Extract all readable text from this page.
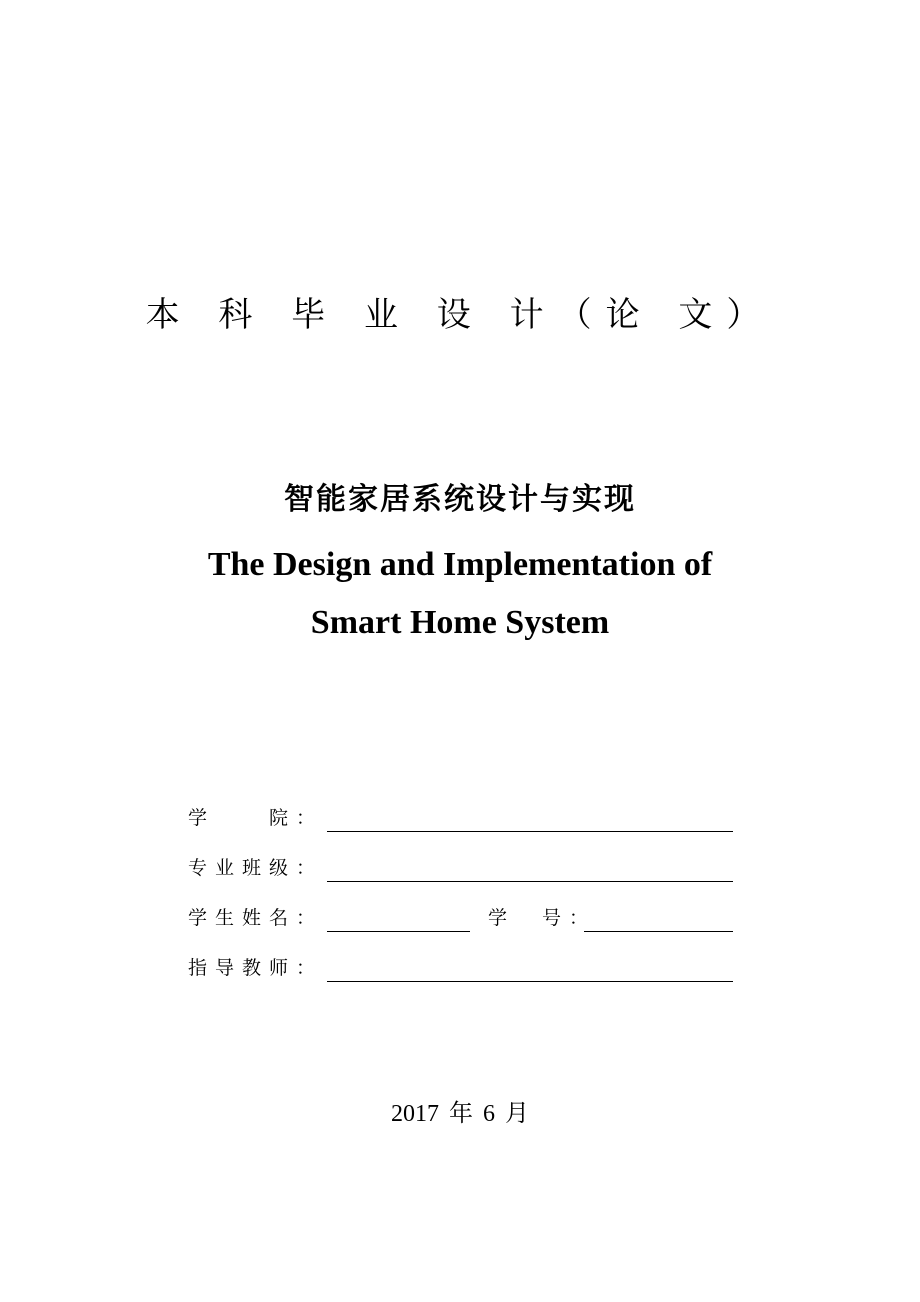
本 科 毕 业 设 计（论 文）
智能家居系统设计与实现
The Design and Implementation of
Smart Home System
学　　院：
专业班级：
学生姓名：	学　号：
指导教师：
2017 年 6 月
